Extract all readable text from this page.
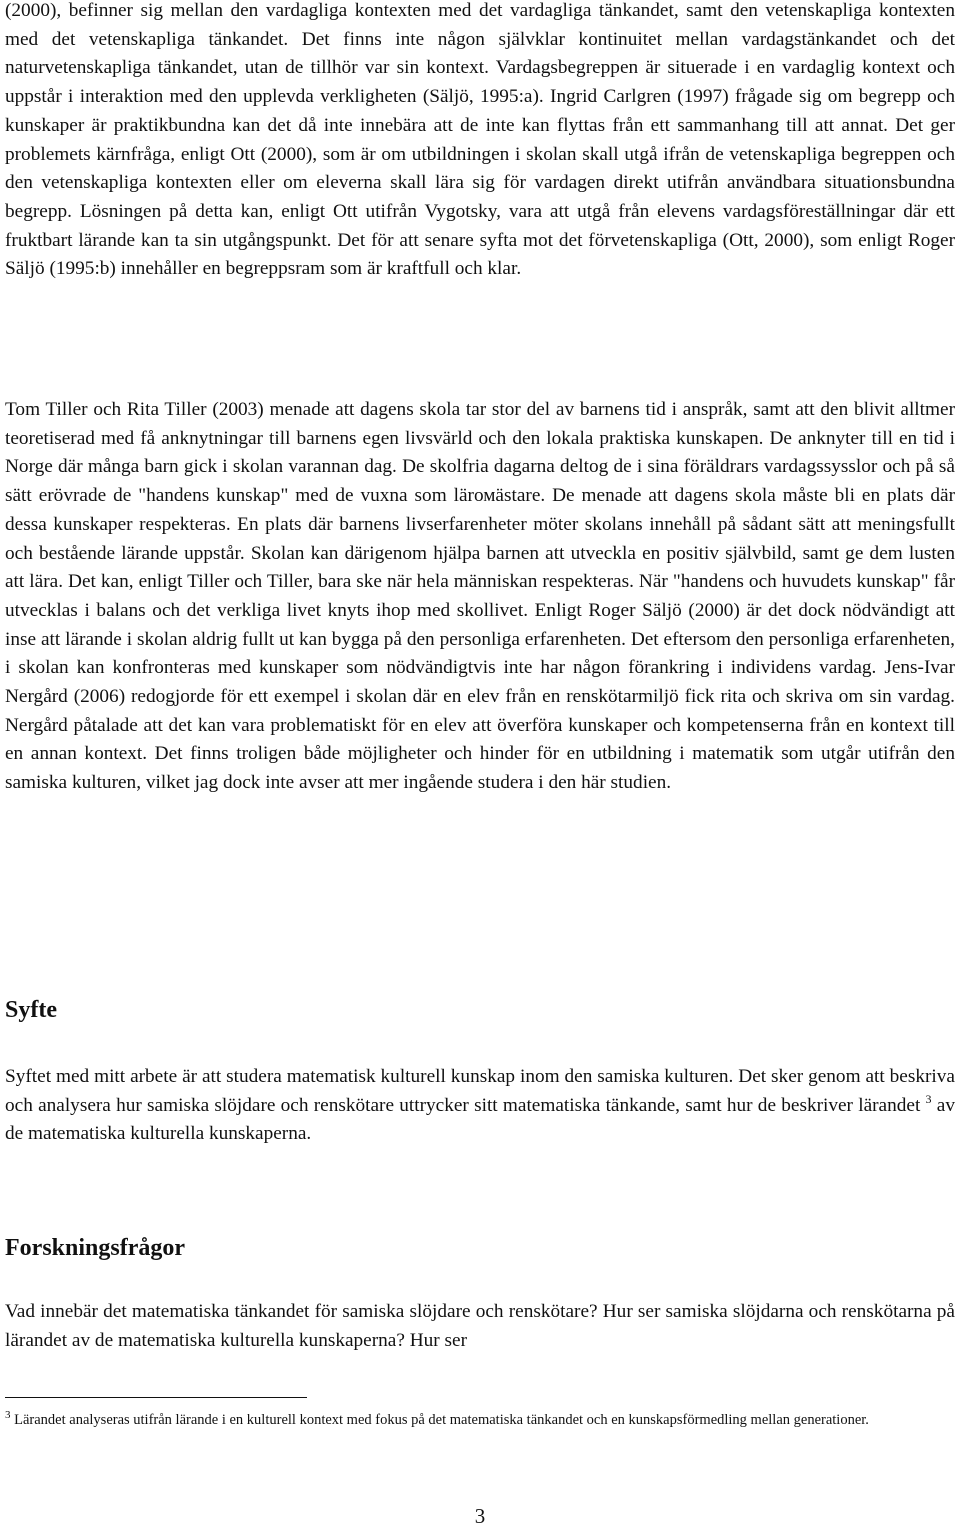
(2000), befinner sig mellan den vardagliga kontexten med det vardagliga tänkandet, samt den vetenskapliga kontexten med det vetenskapliga tänkandet. Det finns inte någon självklar kontinuitet mellan vardagstänkandet och det naturvetenskapliga tänkandet, utan de tillhör var sin kontext. Vardagsbegreppen är situerade i en vardaglig kontext och uppstår i interaktion med den upplevda verkligheten (Säljö, 1995:a). Ingrid Carlgren (1997) frågade sig om begrepp och kunskaper är praktikbundna kan det då inte innebära att de inte kan flyttas från ett sammanhang till att annat. Det ger problemets kärnfråga, enligt Ott (2000), som är om utbildningen i skolan skall utgå ifrån de vetenskapliga begreppen och den vetenskapliga kontexten eller om eleverna skall lära sig för vardagen direkt utifrån användbara situationsbundna begrepp. Lösningen på detta kan, enligt Ott utifrån Vygotsky, vara att utgå från elevens vardagsföreställningar där ett fruktbart lärande kan ta sin utgångspunkt. Det för att senare syfta mot det förvetenskapliga (Ott, 2000), som enligt Roger Säljö (1995:b) innehåller en begreppsram som är kraftfull och klar.

Tom Tiller och Rita Tiller (2003) menade att dagens skola tar stor del av barnens tid i anspråk, samt att den blivit alltmer teoretiserad med få anknytningar till barnens egen livsvärld och den lokala praktiska kunskapen. De anknyter till en tid i Norge där många barn gick i skolan varannan dag. De skolfria dagarna deltog de i sina föräldrars vardagssysslor och på så sätt erövrade de "handens kunskap" med de vuxna som lärомästare. De menade att dagens skola måste bli en plats där dessa kunskaper respekteras. En plats där barnens livserfarenheter möter skolans innehåll på sådant sätt att meningsfullt och bestående lärande uppstår. Skolan kan därigenom hjälpa barnen att utveckla en positiv självbild, samt ge dem lusten att lära. Det kan, enligt Tiller och Tiller, bara ske när hela människan respekteras. När "handens och huvudets kunskap" får utvecklas i balans och det verkliga livet knyts ihop med skollivet. Enligt Roger Säljö (2000) är det dock nödvändigt att inse att lärande i skolan aldrig fullt ut kan bygga på den personliga erfarenheten. Det eftersom den personliga erfarenheten, i skolan kan konfronteras med kunskaper som nödvändigtvis inte har någon förankring i individens vardag. Jens-Ivar Nergård (2006) redogjorde för ett exempel i skolan där en elev från en renskötarmiljö fick rita och skriva om sin vardag. Nergård påtalade att det kan vara problematiskt för en elev att överföra kunskaper och kompetenserna från en kontext till en annan kontext. Det finns troligen både möjligheter och hinder för en utbildning i matematik som utgår utifrån den samiska kulturen, vilket jag dock inte avser att mer ingående studera i den här studien.

Syfte

Syftet med mitt arbete är att studera matematisk kulturell kunskap inom den samiska kulturen. Det sker genom att beskriva och analysera hur samiska slöjdare och renskötare uttrycker sitt matematiska tänkande, samt hur de beskriver lärandet $^3$ av de matematiska kulturella kunskaperna.

Forskningsfrågor

Vad innebär det matematiska tänkandet för samiska slöjdare och renskötare? Hur ser samiska slöjdarna och renskötarna på lärandet av de matematiska kulturella kunskaperna? Hur ser

$^3$ Lärandet analyseras utifrån lärande i en kulturell kontext med fokus på det matematiska tänkandet och en kunskapsförmedling mellan generationer.

3
